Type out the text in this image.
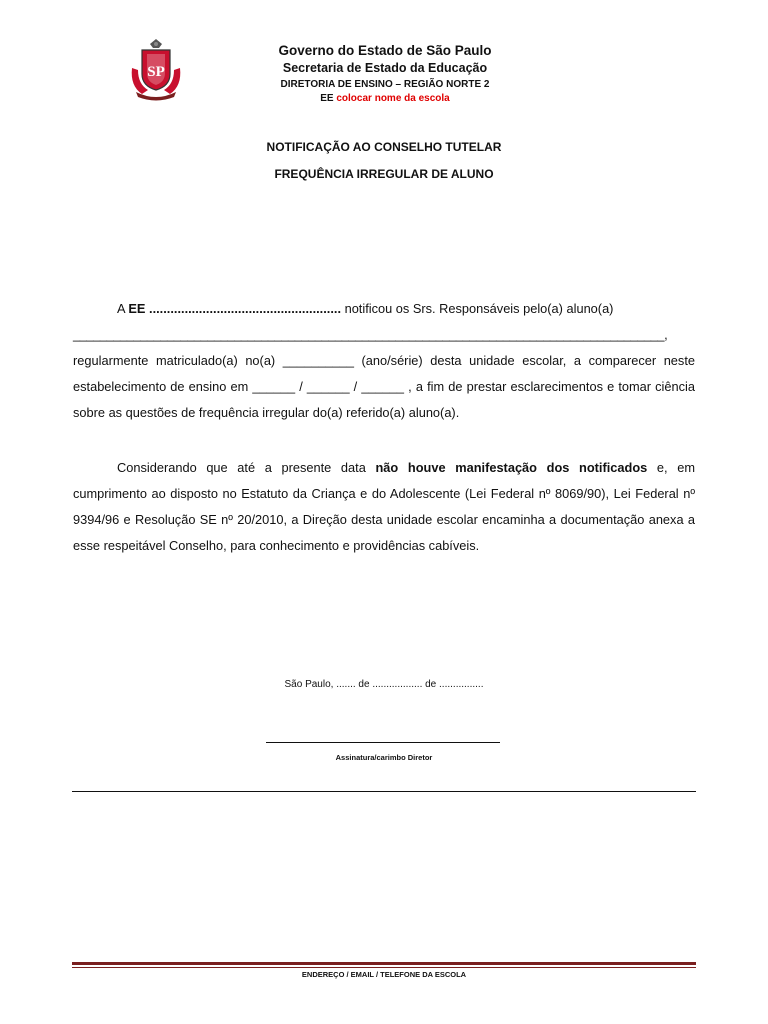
SP
Governo do Estado de São Paulo
Secretaria de Estado da Educação
DIRETORIA DE ENSINO – REGIÃO NORTE 2
EE colocar nome da escola
NOTIFICAÇÃO AO CONSELHO TUTELAR
FREQUÊNCIA IRREGULAR DE ALUNO
A EE ...................................................... notificou os Srs. Responsáveis pelo(a) aluno(a)
________________________________________________________________________________________,
regularmente matriculado(a) no(a) __________ (ano/série) desta unidade escolar, a comparecer neste estabelecimento de ensino em ______ / ______ / ______ , a fim de prestar esclarecimentos e tomar ciência sobre as questões de frequência irregular do(a) referido(a) aluno(a).
Considerando que até a presente data não houve manifestação dos notificados e, em cumprimento ao disposto no Estatuto da Criança e do Adolescente (Lei Federal nº 8069/90), Lei Federal nº 9394/96 e Resolução SE nº 20/2010, a Direção desta unidade escolar encaminha a documentação anexa a esse respeitável Conselho, para conhecimento e providências cabíveis.
São Paulo, ....... de .................. de ................
Assinatura/carimbo Diretor
ENDEREÇO / EMAIL / TELEFONE DA ESCOLA
